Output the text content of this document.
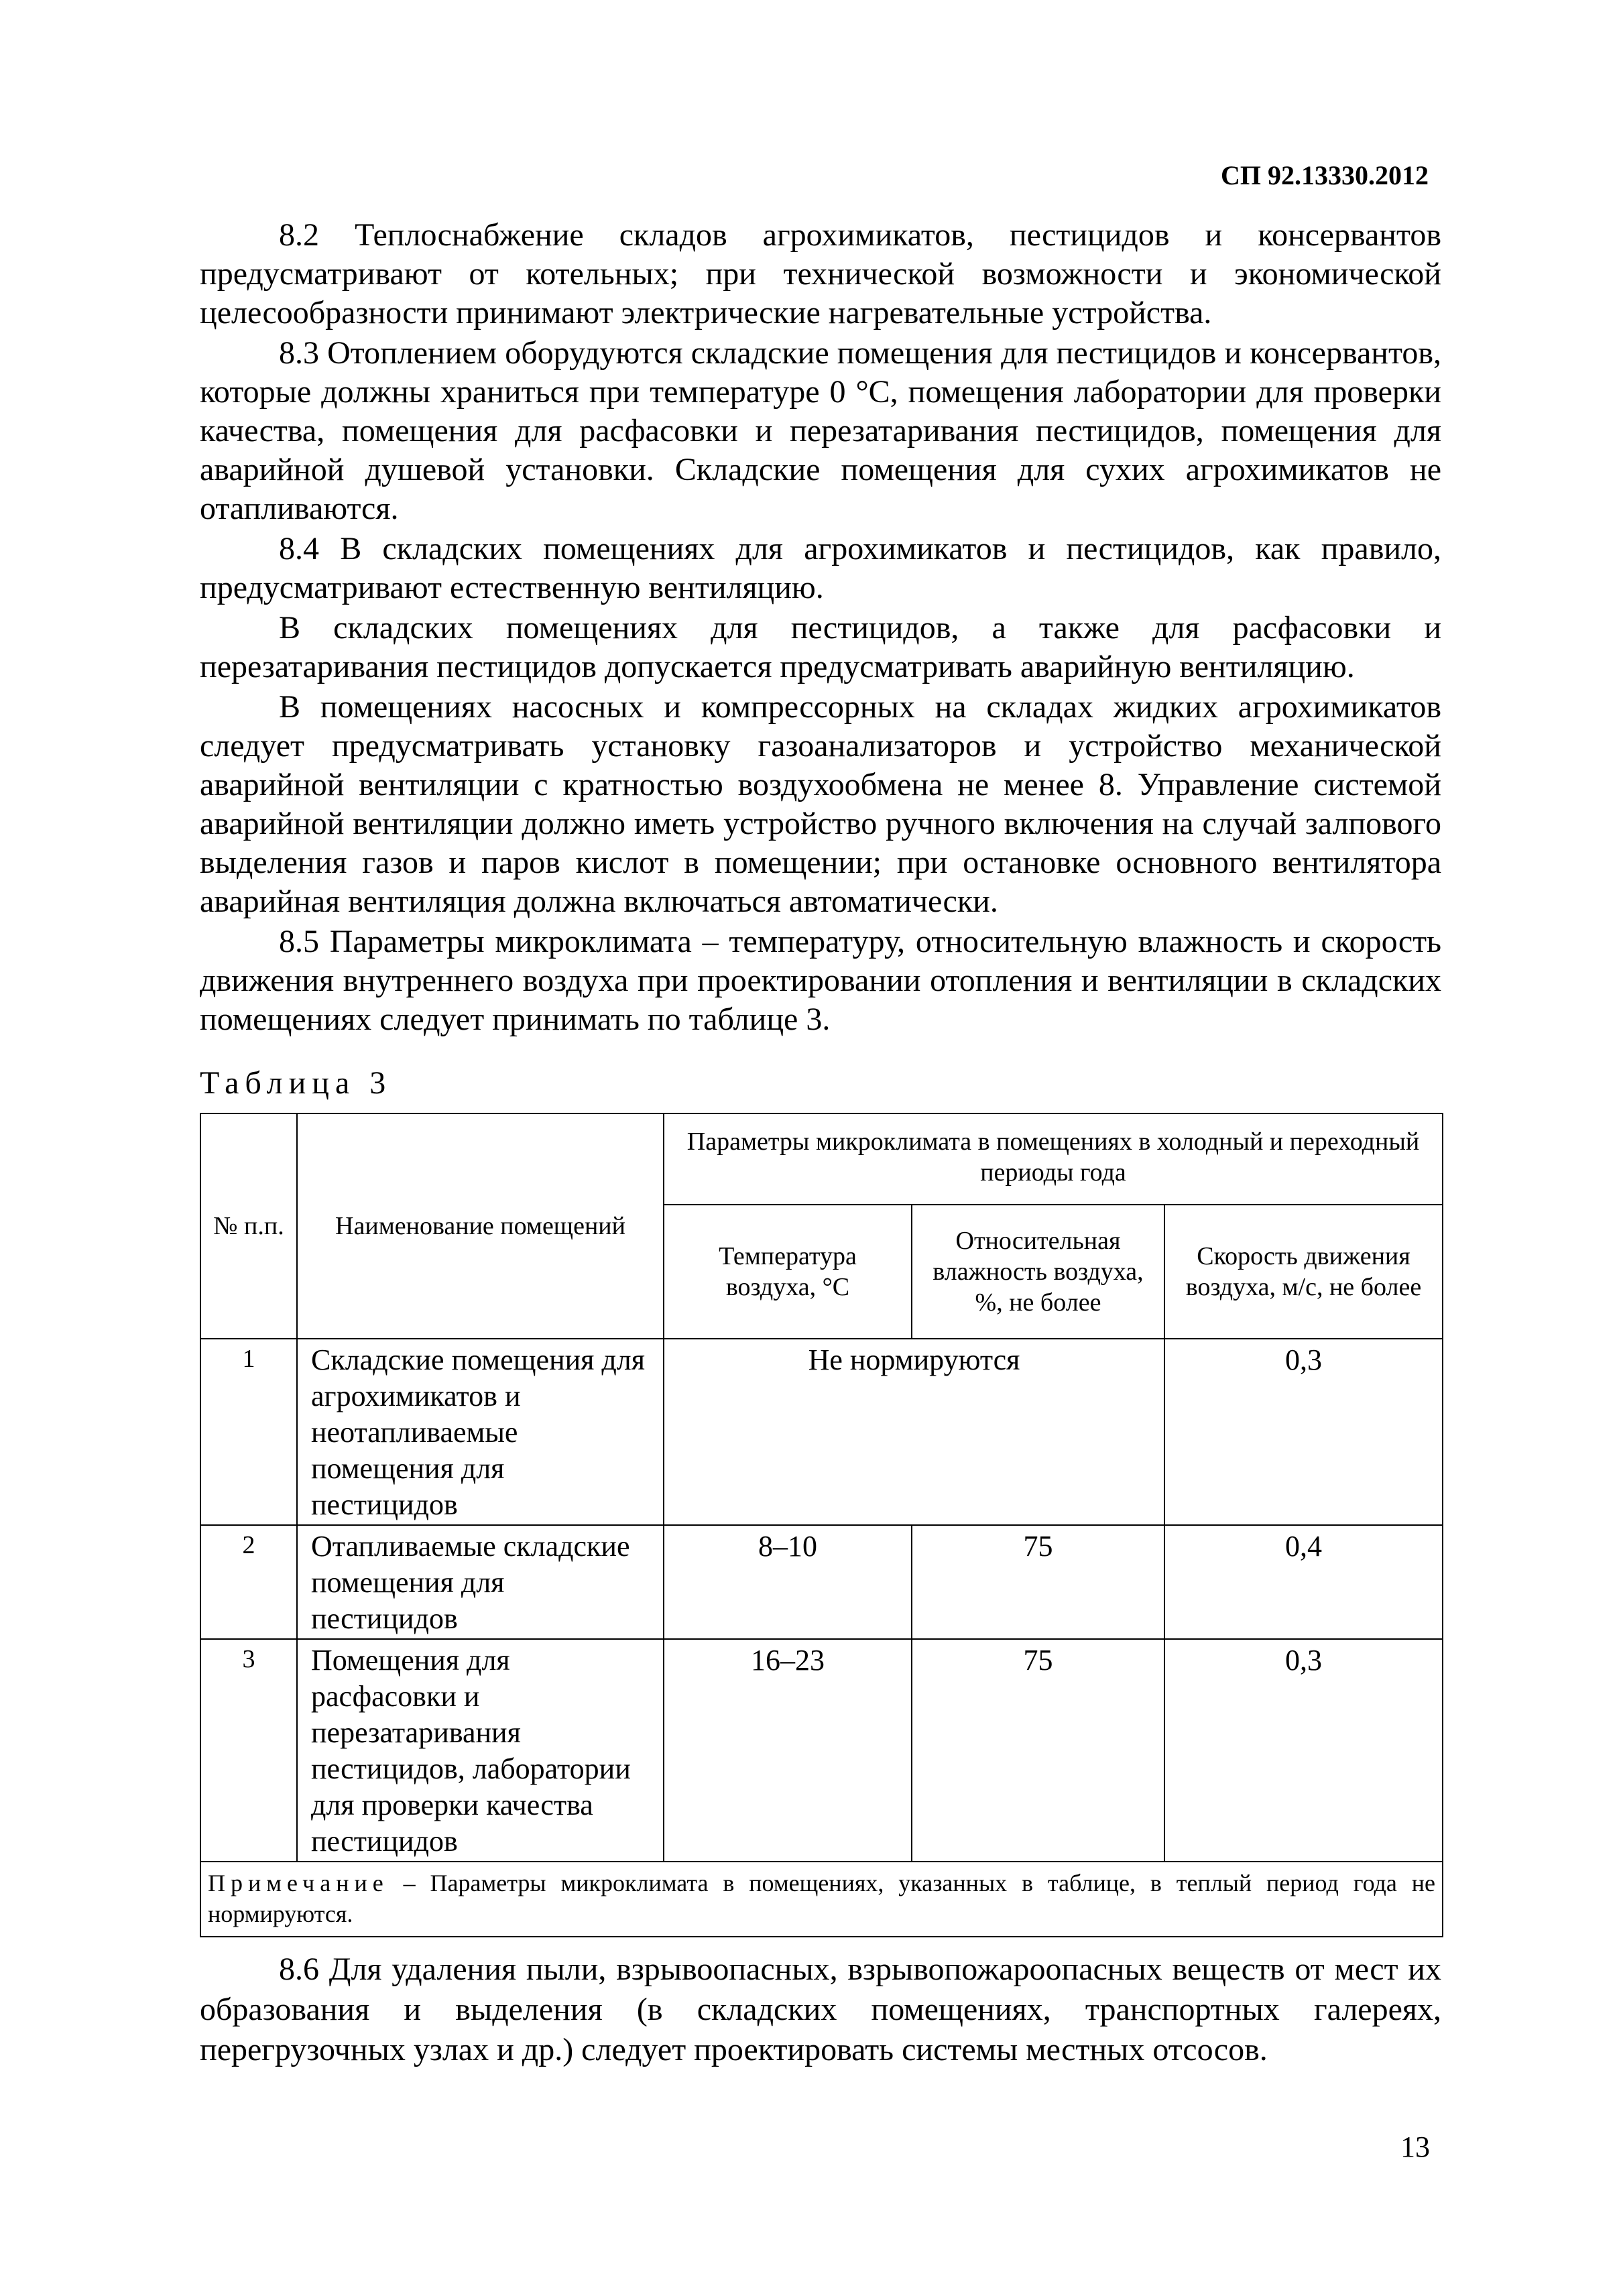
СП 92.13330.2012

8.2 Теплоснабжение складов агрохимикатов, пестицидов и консервантов предусматривают от котельных; при технической возможности и экономической целесообразности принимают электрические нагревательные устройства.

8.3 Отоплением оборудуются складские помещения для пестицидов и консервантов, которые должны храниться при температуре 0 °С, помещения лаборатории для проверки качества, помещения для расфасовки и перезатаривания пестицидов, помещения для аварийной душевой установки. Складские помещения для сухих агрохимикатов не отапливаются.

8.4 В складских помещениях для агрохимикатов и пестицидов, как правило, предусматривают естественную вентиляцию.

В складских помещениях для пестицидов, а также для расфасовки и перезатаривания пестицидов допускается предусматривать аварийную вентиляцию.

В помещениях насосных и компрессорных на складах жидких агрохимикатов следует предусматривать установку газоанализаторов и устройство механической аварийной вентиляции с кратностью воздухообмена не менее 8. Управление системой аварийной вентиляции должно иметь устройство ручного включения на случай залпового выделения газов и паров кислот в помещении; при остановке основного вентилятора аварийная вентиляция должна включаться автоматически.

8.5 Параметры микроклимата – температуру, относительную влажность и скорость движения внутреннего воздуха при проектировании отопления и вентиляции в складских помещениях следует принимать по таблице 3.

Таблица 3
№ п.п.	Наименование помещений	Параметры микроклимата в помещениях в холодный и переходный периоды года		
		Температура воздуха, °С	Относительная влажность воздуха, %, не более	Скорость движения воздуха, м/с, не более
1	Складские помещения для агрохимикатов и неотапливаемые помещения для пестицидов	Не нормируются		0,3
2	Отапливаемые складские помещения для пестицидов	8–10	75	0,4
3	Помещения для расфасовки и перезатаривания пестицидов, лаборатории для проверки качества пестицидов	16–23	75	0,3
Примечание – Параметры микроклимата в помещениях, указанных в таблице, в теплый период года не нормируются.				

8.6 Для удаления пыли, взрывоопасных, взрывопожароопасных веществ от мест их образования и выделения (в складских помещениях, транспортных галереях, перегрузочных узлах и др.) следует проектировать системы местных отсосов.

13
